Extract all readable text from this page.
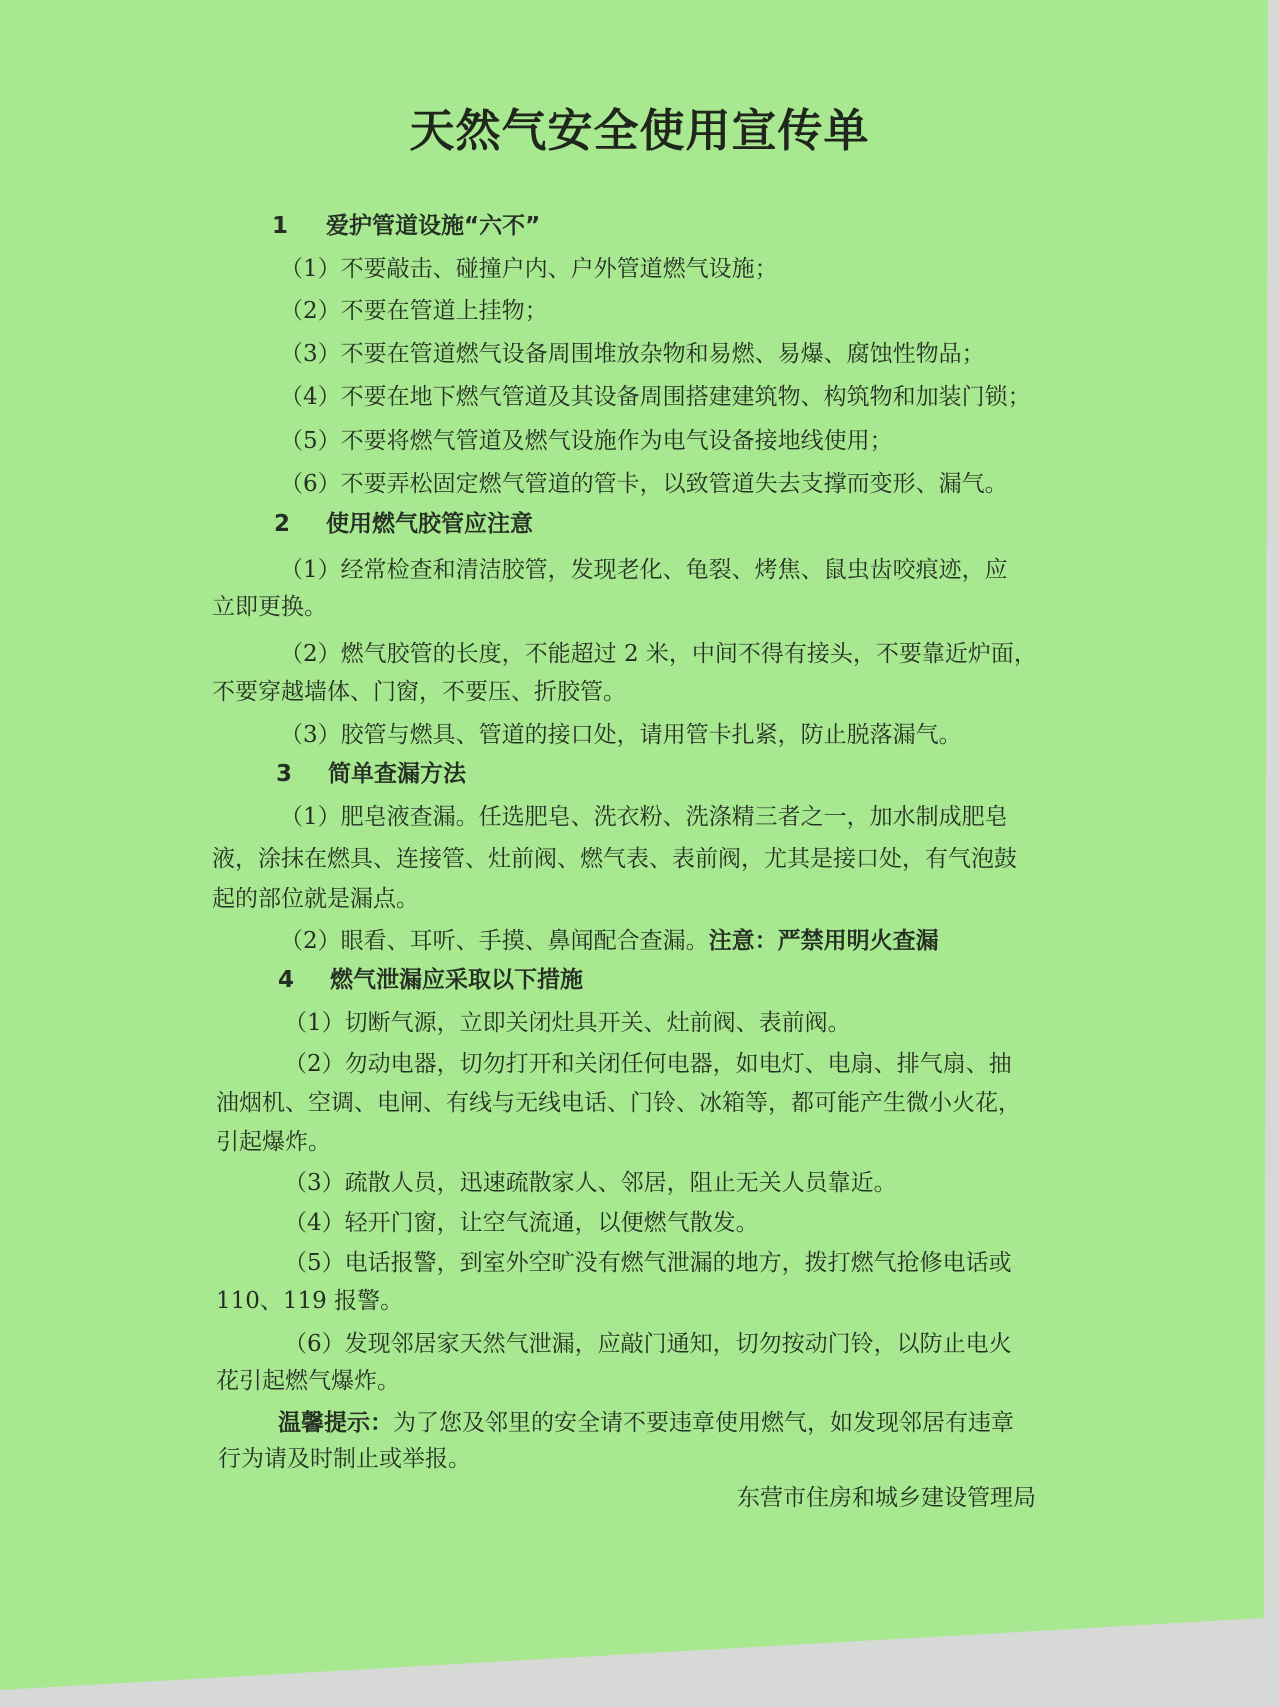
天然气安全使用宣传单
1 爱护管道设施“六不”
（1）不要敲击、碰撞户内、户外管道燃气设施；
（2）不要在管道上挂物；
（3）不要在管道燃气设备周围堆放杂物和易燃、易爆、腐蚀性物品；
（4）不要在地下燃气管道及其设备周围搭建建筑物、构筑物和加装门锁；
（5）不要将燃气管道及燃气设施作为电气设备接地线使用；
（6）不要弄松固定燃气管道的管卡，以致管道失去支撑而变形、漏气。
2 使用燃气胶管应注意
（1）经常检查和清洁胶管，发现老化、龟裂、烤焦、鼠虫齿咬痕迹，应
立即更换。
（2）燃气胶管的长度，不能超过 2 米，中间不得有接头，不要靠近炉面，
不要穿越墙体、门窗，不要压、折胶管。
（3）胶管与燃具、管道的接口处，请用管卡扎紧，防止脱落漏气。
3 简单查漏方法
（1）肥皂液查漏。任选肥皂、洗衣粉、洗涤精三者之一，加水制成肥皂
液，涂抹在燃具、连接管、灶前阀、燃气表、表前阀，尤其是接口处，有气泡鼓
起的部位就是漏点。
（2）眼看、耳听、手摸、鼻闻配合查漏。注意：严禁用明火查漏
4 燃气泄漏应采取以下措施
（1）切断气源，立即关闭灶具开关、灶前阀、表前阀。
（2）勿动电器，切勿打开和关闭任何电器，如电灯、电扇、排气扇、抽
油烟机、空调、电闸、有线与无线电话、门铃、冰箱等，都可能产生微小火花，
引起爆炸。
（3）疏散人员，迅速疏散家人、邻居，阻止无关人员靠近。
（4）轻开门窗，让空气流通，以便燃气散发。
（5）电话报警，到室外空旷没有燃气泄漏的地方，拨打燃气抢修电话或
110、119 报警。
（6）发现邻居家天然气泄漏，应敲门通知，切勿按动门铃，以防止电火
花引起燃气爆炸。
温馨提示：为了您及邻里的安全请不要违章使用燃气，如发现邻居有违章
行为请及时制止或举报。
东营市住房和城乡建设管理局
